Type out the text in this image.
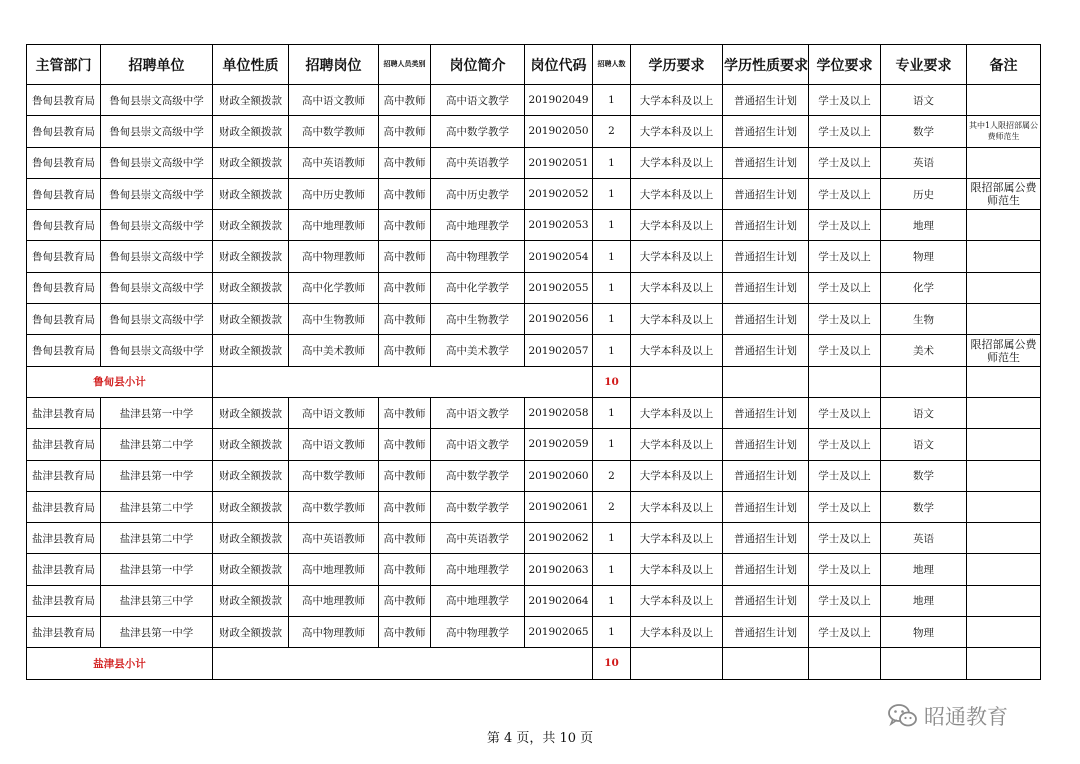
主管部门	招聘单位	单位性质	招聘岗位	招聘人员类别	岗位简介	岗位代码	招聘人数	学历要求	学历性质要求	学位要求	专业要求	备注
鲁甸县教育局	鲁甸县崇文高级中学	财政全额拨款	高中语文教师	高中教师	高中语文教学	201902049	1	大学本科及以上	普通招生计划	学士及以上	语文	
鲁甸县教育局	鲁甸县崇文高级中学	财政全额拨款	高中数学教师	高中教师	高中数学教学	201902050	2	大学本科及以上	普通招生计划	学士及以上	数学	其中1人限招部属公费师范生
鲁甸县教育局	鲁甸县崇文高级中学	财政全额拨款	高中英语教师	高中教师	高中英语教学	201902051	1	大学本科及以上	普通招生计划	学士及以上	英语	
鲁甸县教育局	鲁甸县崇文高级中学	财政全额拨款	高中历史教师	高中教师	高中历史教学	201902052	1	大学本科及以上	普通招生计划	学士及以上	历史	限招部属公费师范生
鲁甸县教育局	鲁甸县崇文高级中学	财政全额拨款	高中地理教师	高中教师	高中地理教学	201902053	1	大学本科及以上	普通招生计划	学士及以上	地理	
鲁甸县教育局	鲁甸县崇文高级中学	财政全额拨款	高中物理教师	高中教师	高中物理教学	201902054	1	大学本科及以上	普通招生计划	学士及以上	物理	
鲁甸县教育局	鲁甸县崇文高级中学	财政全额拨款	高中化学教师	高中教师	高中化学教学	201902055	1	大学本科及以上	普通招生计划	学士及以上	化学	
鲁甸县教育局	鲁甸县崇文高级中学	财政全额拨款	高中生物教师	高中教师	高中生物教学	201902056	1	大学本科及以上	普通招生计划	学士及以上	生物	
鲁甸县教育局	鲁甸县崇文高级中学	财政全额拨款	高中美术教师	高中教师	高中美术教学	201902057	1	大学本科及以上	普通招生计划	学士及以上	美术	限招部属公费师范生
鲁甸县小计							10					
盐津县教育局	盐津县第一中学	财政全额拨款	高中语文教师	高中教师	高中语文教学	201902058	1	大学本科及以上	普通招生计划	学士及以上	语文	
盐津县教育局	盐津县第二中学	财政全额拨款	高中语文教师	高中教师	高中语文教学	201902059	1	大学本科及以上	普通招生计划	学士及以上	语文	
盐津县教育局	盐津县第一中学	财政全额拨款	高中数学教师	高中教师	高中数学教学	201902060	2	大学本科及以上	普通招生计划	学士及以上	数学	
盐津县教育局	盐津县第二中学	财政全额拨款	高中数学教师	高中教师	高中数学教学	201902061	2	大学本科及以上	普通招生计划	学士及以上	数学	
盐津县教育局	盐津县第二中学	财政全额拨款	高中英语教师	高中教师	高中英语教学	201902062	1	大学本科及以上	普通招生计划	学士及以上	英语	
盐津县教育局	盐津县第一中学	财政全额拨款	高中地理教师	高中教师	高中地理教学	201902063	1	大学本科及以上	普通招生计划	学士及以上	地理	
盐津县教育局	盐津县第三中学	财政全额拨款	高中地理教师	高中教师	高中地理教学	201902064	1	大学本科及以上	普通招生计划	学士及以上	地理	
盐津县教育局	盐津县第一中学	财政全额拨款	高中物理教师	高中教师	高中物理教学	201902065	1	大学本科及以上	普通招生计划	学士及以上	物理	
盐津县小计							10					
第 4 页，共 10 页
昭通教育
